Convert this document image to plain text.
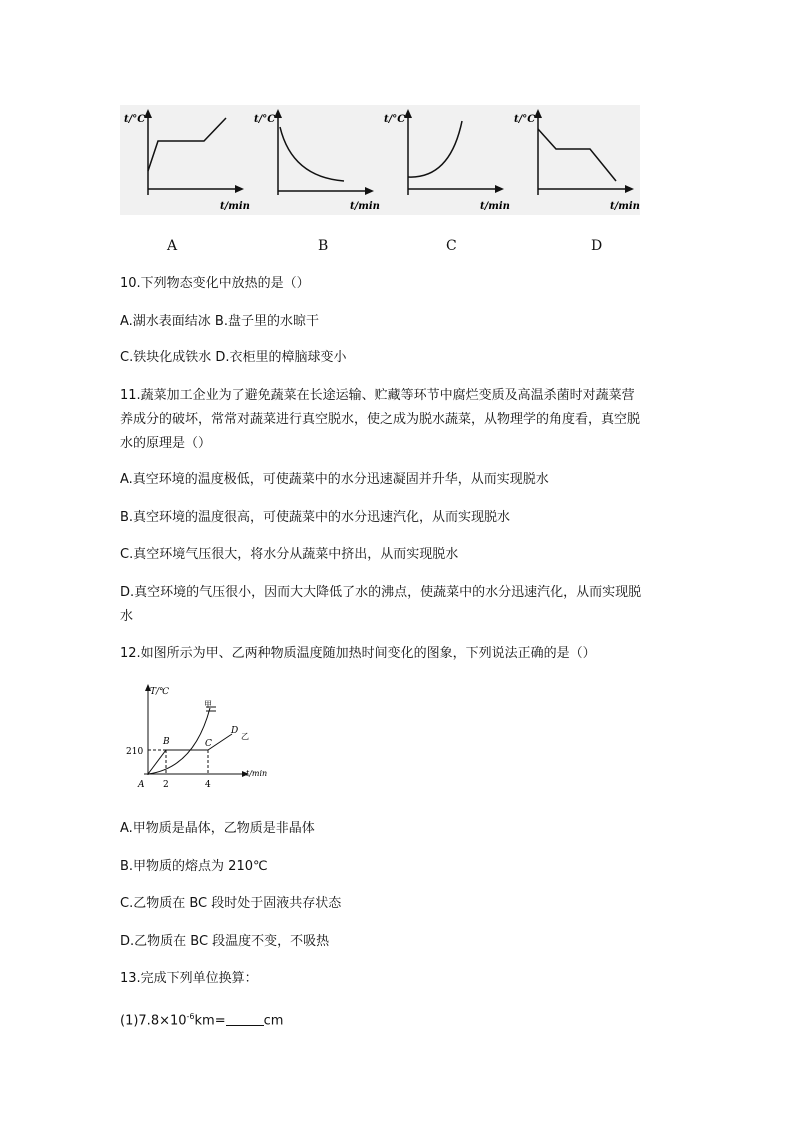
t/°C
t/min
t/°C
t/min
t/°C
t/min
t/°C
t/min
A	B	C	D
10.下列物态变化中放热的是（）
A.湖水表面结冰 B.盘子里的水晾干
C.铁块化成铁水 D.衣柜里的樟脑球变小
11.蔬菜加工企业为了避免蔬菜在长途运输、贮藏等环节中腐烂变质及高温杀菌时对蔬菜营
养成分的破坏，常常对蔬菜进行真空脱水，使之成为脱水蔬菜，从物理学的角度看，真空脱
水的原理是（）
A.真空环境的温度极低，可使蔬菜中的水分迅速凝固并升华，从而实现脱水
B.真空环境的温度很高，可使蔬菜中的水分迅速汽化，从而实现脱水
C.真空环境气压很大，将水分从蔬菜中挤出，从而实现脱水
D.真空环境的气压很小，因而大大降低了水的沸点，使蔬菜中的水分迅速汽化，从而实现脱
水
12.如图所示为甲、乙两种物质温度随加热时间变化的图象，下列说法正确的是（）
甲
乙
T/℃
t/min
210
2	4
A
B	C
D
A.甲物质是晶体，乙物质是非晶体
B.甲物质的熔点为 210℃
C.乙物质在 BC 段时处于固液共存状态
D.乙物质在 BC 段温度不变，不吸热
13.完成下列单位换算：
$(1)7.8\times 10^{-6}km=$	cm
